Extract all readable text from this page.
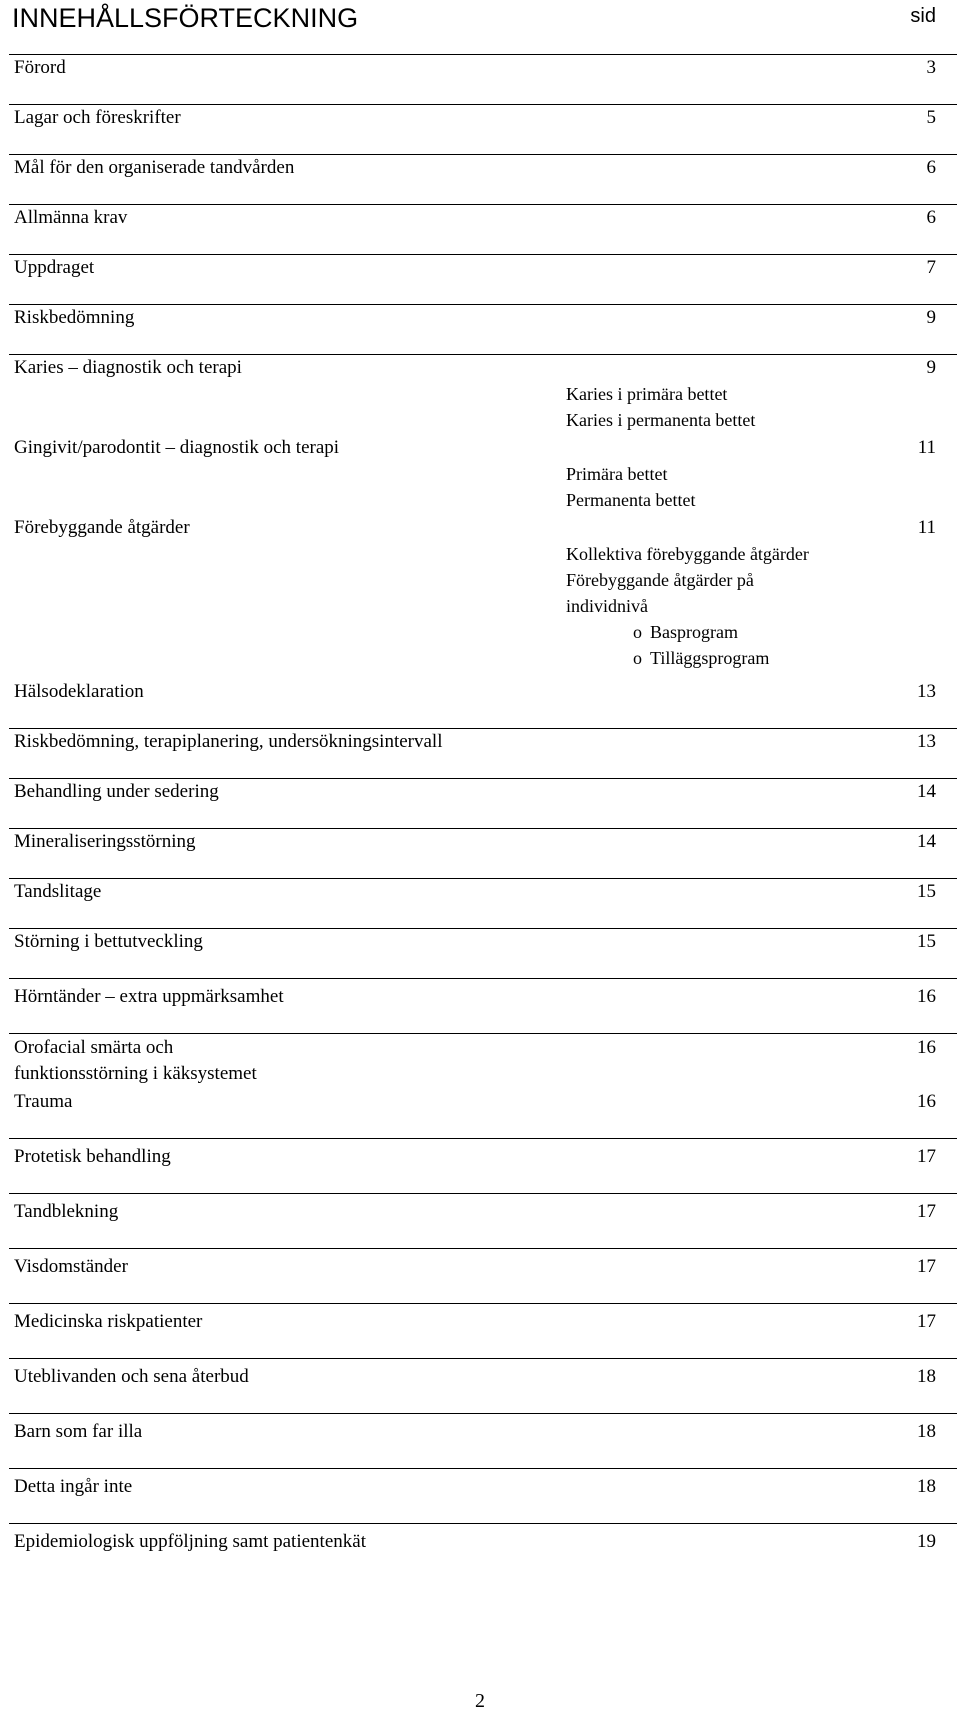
INNEHÅLLSFÖRTECKNING	sid
Förord	3
Lagar och föreskrifter	5
Mål för den organiserade tandvården	6
Allmänna krav	6
Uppdraget	7
Riskbedömning	9
Karies – diagnostik och terapi	9
Karies i primära bettet
Karies i permanenta bettet
Gingivit/parodontit – diagnostik och terapi	11
Primära bettet
Permanenta bettet
Förebyggande åtgärder	11
Kollektiva förebyggande åtgärder
Förebyggande åtgärder på
individnivå
o Basprogram
o Tilläggsprogram
Hälsodeklaration	13
Riskbedömning, terapiplanering, undersökningsintervall	13
Behandling under sedering	14
Mineraliseringsstörning	14
Tandslitage	15
Störning i bettutveckling	15
Hörntänder – extra uppmärksamhet	16
Orofacial smärta och	16
funktionsstörning i käksystemet
Trauma	16
Protetisk behandling	17
Tandblekning	17
Visdomständer	17
Medicinska riskpatienter	17
Uteblivanden och sena återbud	18
Barn som far illa	18
Detta ingår inte	18
Epidemiologisk uppföljning samt patientenkät	19
2
